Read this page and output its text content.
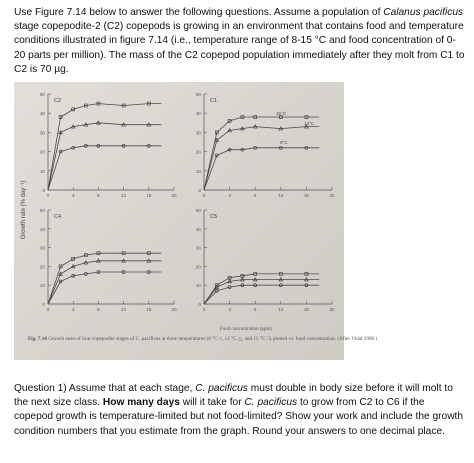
Use Figure 7.14 below to answer the following questions. Assume a population of Calanus pacificus stage copepodite-2 (C2) copepods is growing in an environment that contains food and temperature conditions illustrated in figure 7.14 (i.e., temperature range of 8-15 °C and food concentration of 0-20 parts per million). The mass of the C2 copepod population immediately after they molt from C1 to C2 is 70 µg.
0
10
20
30
40
50
0	4	8	12	16	20
C2
0
10
20
30
40
50
0	4	8	12	16	20
C1
0
10
20
30
40
50
0	4	8	12	16	20
C4
0
10
20
30
40
50
0	4	8	12	16	20
C5
15°C
12°C
8°C
Growth rate (% day⁻¹)
Food concentration (ppm)
Fig. 7.14 Growth rates of four copepodite stages of C. pacificus at three temperatures (8 °C ○, 12 °C △, and 15 °C □) plotted vs. food concentration. (After Vidal 1980.)
Question 1) Assume that at each stage, C. pacificus must double in body size before it will molt to the next size class. How many days will it take for C. pacificus to grow from C2 to C6 if the copepod growth is temperature-limited but not food-limited? Show your work and include the growth condition numbers that you estimate from the graph. Round your answers to one decimal place.
